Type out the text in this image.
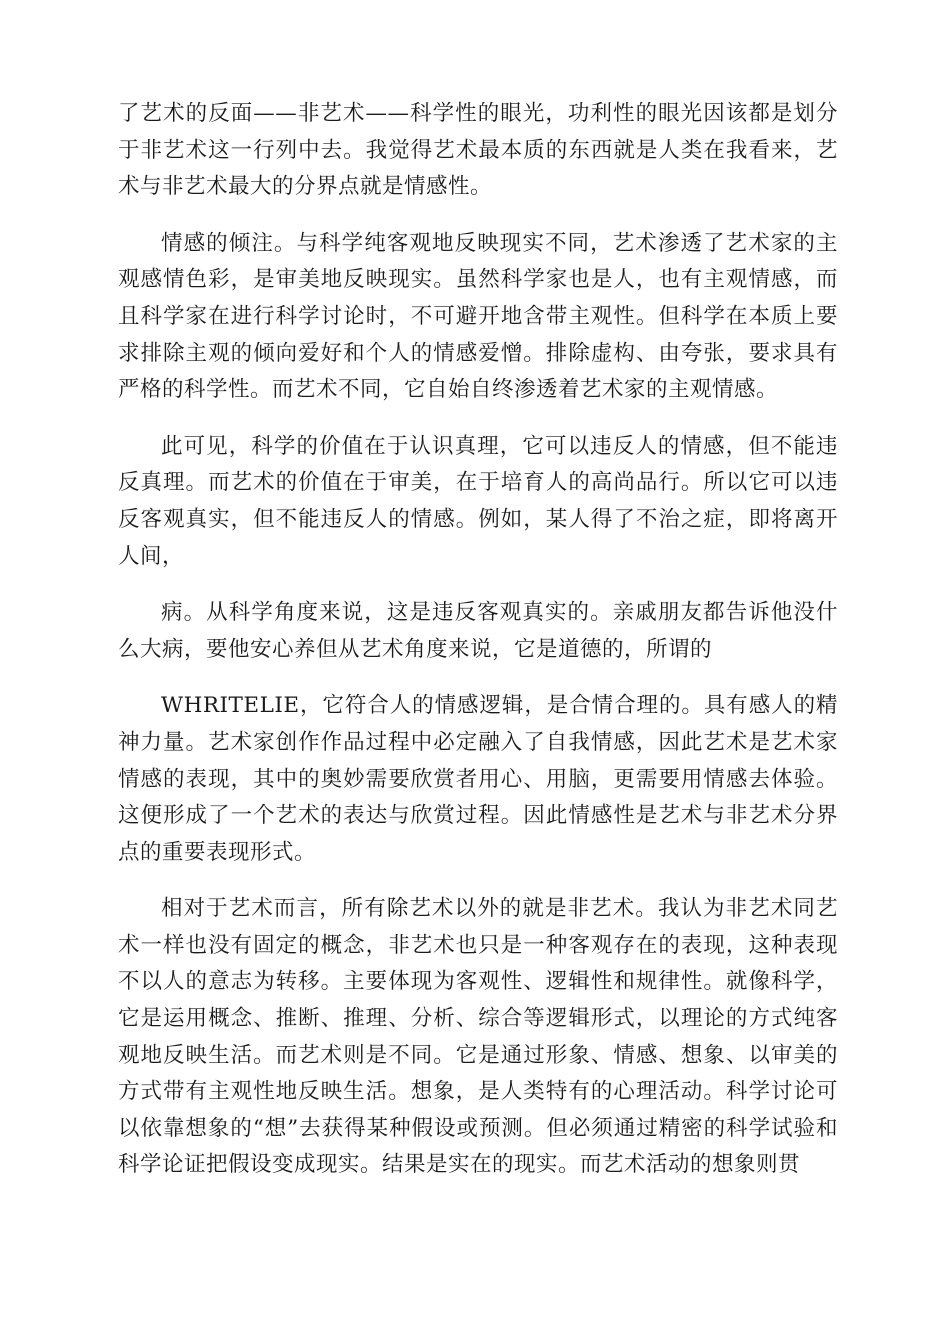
了艺术的反面——非艺术——科学性的眼光，功利性的眼光因该都是划分于非艺术这一行列中去。我觉得艺术最本质的东西就是人类在我看来，艺术与非艺术最大的分界点就是情感性。

情感的倾注。与科学纯客观地反映现实不同，艺术渗透了艺术家的主观感情色彩，是审美地反映现实。虽然科学家也是人，也有主观情感，而且科学家在进行科学讨论时，不可避开地含带主观性。但科学在本质上要求排除主观的倾向爱好和个人的情感爱憎。排除虚构、由夸张，要求具有严格的科学性。而艺术不同，它自始自终渗透着艺术家的主观情感。

此可见，科学的价值在于认识真理，它可以违反人的情感，但不能违反真理。而艺术的价值在于审美，在于培育人的高尚品行。所以它可以违反客观真实，但不能违反人的情感。例如，某人得了不治之症，即将离开人间，

病。从科学角度来说，这是违反客观真实的。亲戚朋友都告诉他没什么大病，要他安心养但从艺术角度来说，它是道德的，所谓的

WHRITELIE，它符合人的情感逻辑，是合情合理的。具有感人的精神力量。艺术家创作作品过程中必定融入了自我情感，因此艺术是艺术家情感的表现，其中的奥妙需要欣赏者用心、用脑，更需要用情感去体验。这便形成了一个艺术的表达与欣赏过程。因此情感性是艺术与非艺术分界点的重要表现形式。

相对于艺术而言，所有除艺术以外的就是非艺术。我认为非艺术同艺术一样也没有固定的概念，非艺术也只是一种客观存在的表现，这种表现不以人的意志为转移。主要体现为客观性、逻辑性和规律性。就像科学，它是运用概念、推断、推理、分析、综合等逻辑形式，以理论的方式纯客观地反映生活。而艺术则是不同。它是通过形象、情感、想象、以审美的方式带有主观性地反映生活。想象，是人类特有的心理活动。科学讨论可以依靠想象的“想”去获得某种假设或预测。但必须通过精密的科学试验和科学论证把假设变成现实。结果是实在的现实。而艺术活动的想象则贯
